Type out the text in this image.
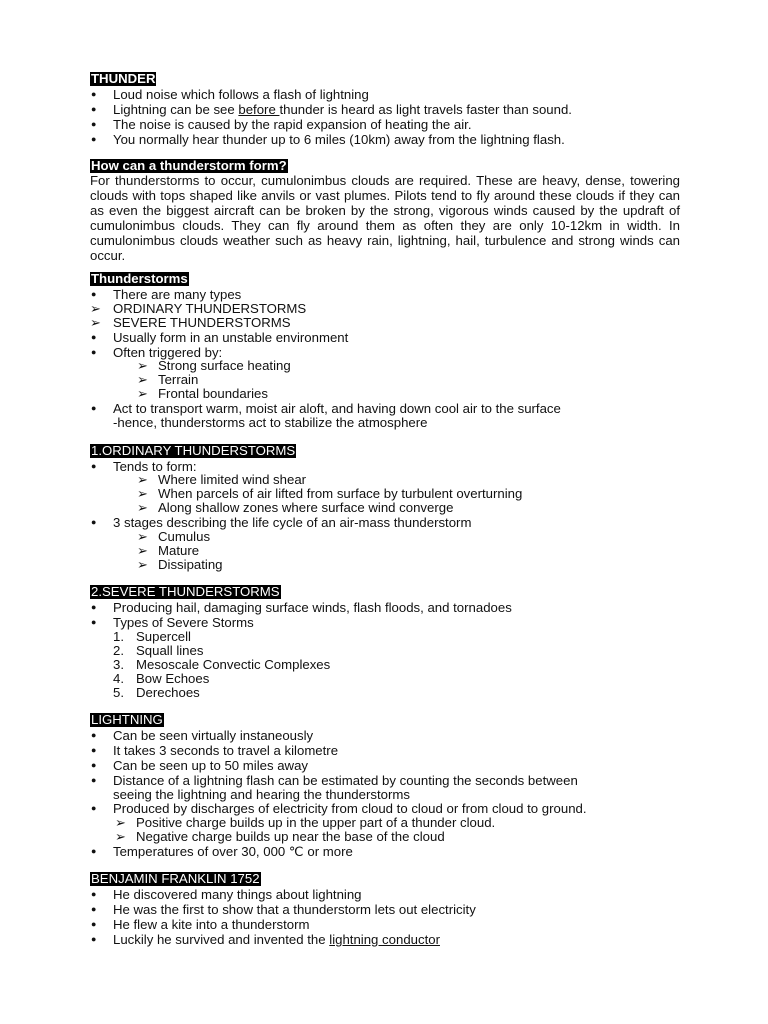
THUNDER
● Loud noise which follows a flash of lightning
● Lightning can be see before thunder is heard as light travels faster than sound.
● The noise is caused by the rapid expansion of heating the air.
● You normally hear thunder up to 6 miles (10km) away from the lightning flash.
How can a thunderstorm form?
For thunderstorms to occur, cumulonimbus clouds are required. These are heavy, dense, towering clouds with tops shaped like anvils or vast plumes. Pilots tend to fly around these clouds if they can as even the biggest aircraft can be broken by the strong, vigorous winds caused by the updraft of cumulonimbus clouds. They can fly around them as often they are only 10-12km in width. In cumulonimbus clouds weather such as heavy rain, lightning, hail, turbulence and strong winds can occur.
Thunderstorms
● There are many types
➢ ORDINARY THUNDERSTORMS
➢ SEVERE THUNDERSTORMS
● Usually form in an unstable environment
● Often triggered by:
➢ Strong surface heating
➢ Terrain
➢ Frontal boundaries
● Act to transport warm, moist air aloft, and having down cool air to the surface
-hence, thunderstorms act to stabilize the atmosphere
1.ORDINARY THUNDERSTORMS
● Tends to form:
➢ Where limited wind shear
➢ When parcels of air lifted from surface by turbulent overturning
➢ Along shallow zones where surface wind converge
● 3 stages describing the life cycle of an air-mass thunderstorm
➢ Cumulus
➢ Mature
➢ Dissipating
2.SEVERE THUNDERSTORMS
● Producing hail, damaging surface winds, flash floods, and tornadoes
● Types of Severe Storms
1. Supercell
2. Squall lines
3. Mesoscale Convectic Complexes
4. Bow Echoes
5. Derechoes
LIGHTNING
● Can be seen virtually instaneously
● It takes 3 seconds to travel a kilometre
● Can be seen up to 50 miles away
● Distance of a lightning flash can be estimated by counting the seconds between
seeing the lightning and hearing the thunderstorms
● Produced by discharges of electricity from cloud to cloud or from cloud to ground.
➢ Positive charge builds up in the upper part of a thunder cloud.
➢ Negative charge builds up near the base of the cloud
● Temperatures of over 30, 000 ℃ or more
BENJAMIN FRANKLIN 1752
● He discovered many things about lightning
● He was the first to show that a thunderstorm lets out electricity
● He flew a kite into a thunderstorm
● Luckily he survived and invented the lightning conductor
